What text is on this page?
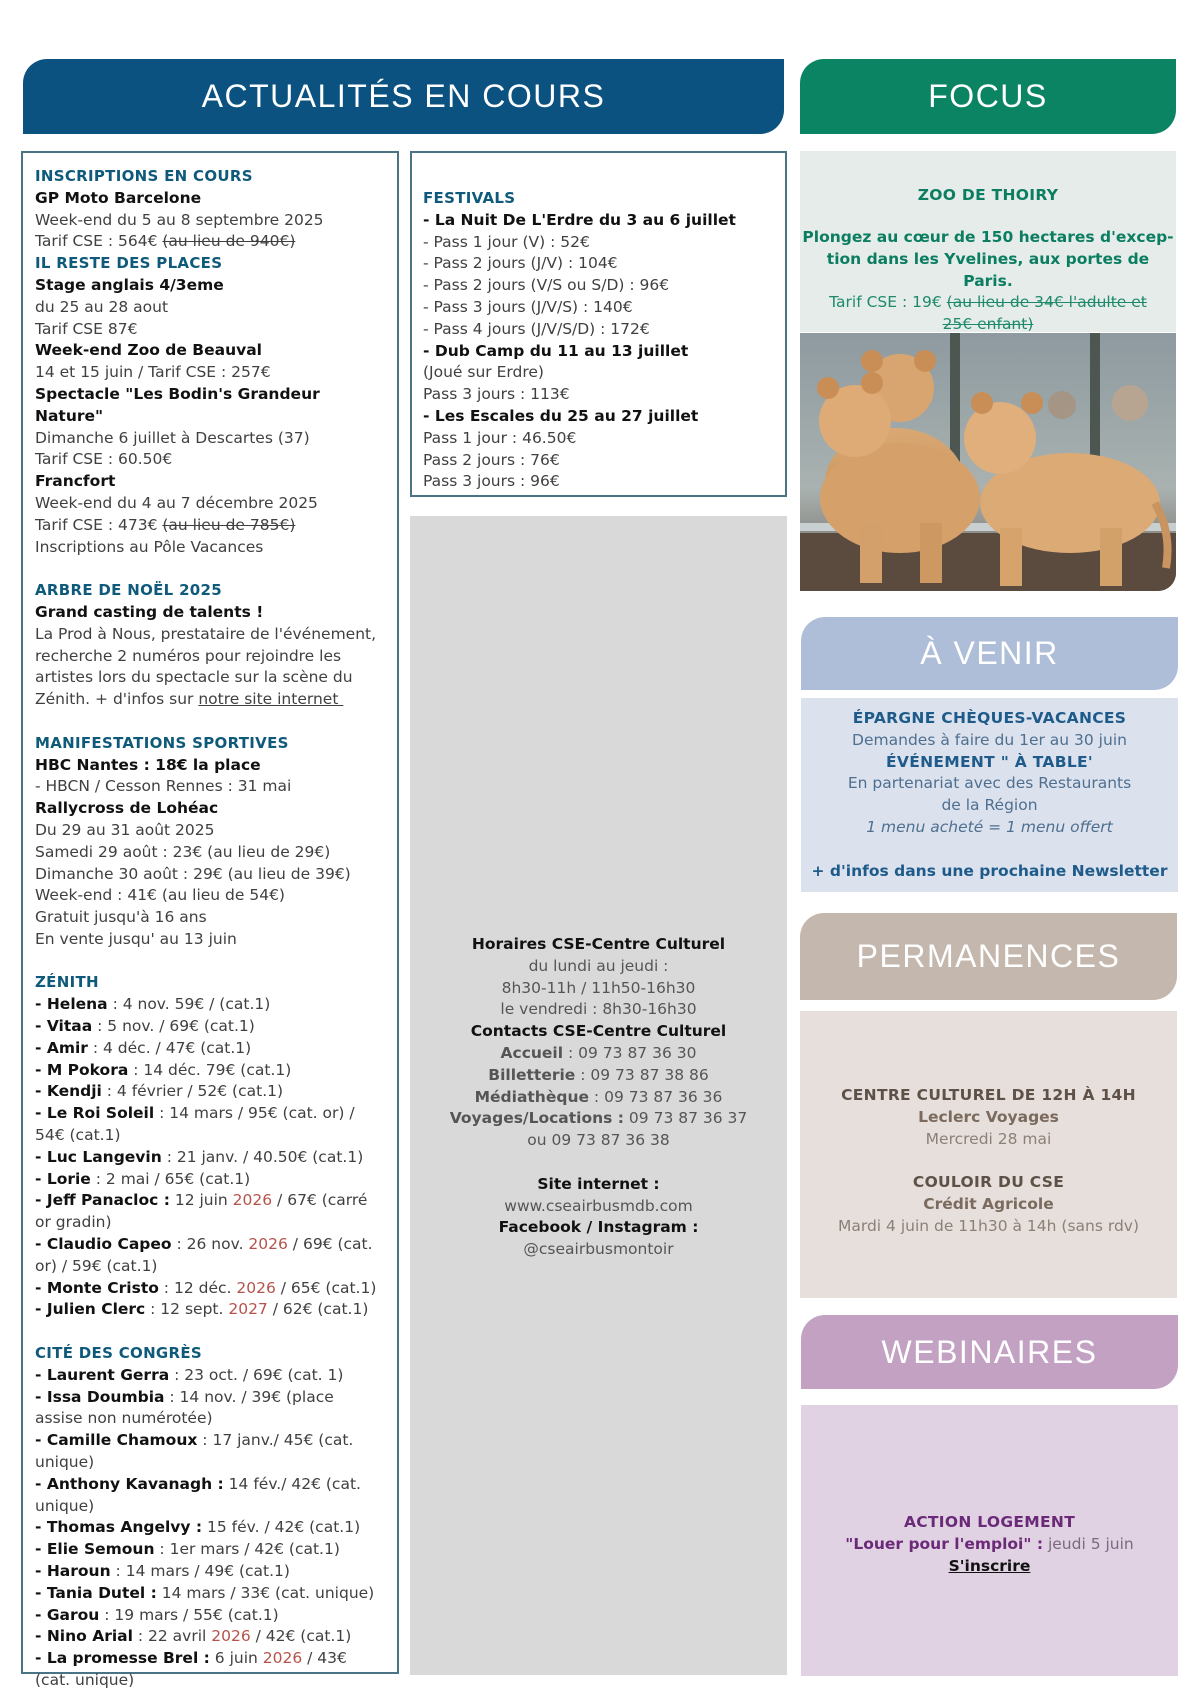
ACTUALITÉS EN COURS	FOCUS
INSCRIPTIONS EN COURS
GP Moto Barcelone
Week-end du 5 au 8 septembre 2025
Tarif CSE : 564€ (au lieu de 940€)
IL RESTE DES PLACES
Stage anglais 4/3eme
du 25 au 28 aout
Tarif CSE 87€
Week-end Zoo de Beauval
14 et 15 juin / Tarif CSE : 257€
Spectacle "Les Bodin's Grandeur Nature"
Dimanche 6 juillet à Descartes (37)
Tarif CSE : 60.50€
Francfort
Week-end du 4 au 7 décembre 2025
Tarif CSE : 473€ (au lieu de 785€)
Inscriptions au Pôle Vacances
ARBRE DE NOËL 2025
Grand casting de talents !
La Prod à Nous, prestataire de l'événement,
recherche 2 numéros pour rejoindre les
artistes lors du spectacle sur la scène du
Zénith. + d'infos sur notre site internet
MANIFESTATIONS SPORTIVES
HBC Nantes : 18€ la place
- HBCN / Cesson Rennes : 31 mai
Rallycross de Lohéac
Du 29 au 31 août 2025
Samedi 29 août : 23€ (au lieu de 29€)
Dimanche 30 août : 29€ (au lieu de 39€)
Week-end : 41€ (au lieu de 54€)
Gratuit jusqu'à 16 ans
En vente jusqu' au 13 juin
ZÉNITH
- Helena : 4 nov. 59€ / (cat.1)
- Vitaa : 5 nov. / 69€ (cat.1)
- Amir : 4 déc. / 47€ (cat.1)
- M Pokora : 14 déc. 79€ (cat.1)
- Kendji : 4 février / 52€ (cat.1)
- Le Roi Soleil : 14 mars / 95€ (cat. or) / 54€ (cat.1)
- Luc Langevin : 21 janv. / 40.50€ (cat.1)
- Lorie : 2 mai / 65€ (cat.1)
- Jeff Panacloc : 12 juin 2026 / 67€ (carré or gradin)
- Claudio Capeo : 26 nov. 2026 / 69€ (cat. or) / 59€ (cat.1)
- Monte Cristo : 12 déc. 2026 / 65€ (cat.1)
- Julien Clerc : 12 sept. 2027 / 62€ (cat.1)
CITÉ DES CONGRÈS
- Laurent Gerra : 23 oct. / 69€ (cat. 1)
- Issa Doumbia : 14 nov. / 39€ (place assise non numérotée)
- Camille Chamoux : 17 janv./ 45€ (cat. unique)
- Anthony Kavanagh : 14 fév./ 42€ (cat. unique)
- Thomas Angelvy : 15 fév. / 42€ (cat.1)
- Elie Semoun : 1er mars / 42€ (cat.1)
- Haroun : 14 mars / 49€ (cat.1)
- Tania Dutel : 14 mars / 33€ (cat. unique)
- Garou : 19 mars / 55€ (cat.1)
- Nino Arial : 22 avril 2026 / 42€ (cat.1)
- La promesse Brel : 6 juin 2026 / 43€ (cat. unique)
FESTIVALS
- La Nuit De L'Erdre du 3 au 6 juillet
- Pass 1 jour (V) : 52€
- Pass 2 jours (J/V) : 104€
- Pass 2 jours (V/S ou S/D) : 96€
- Pass 3 jours (J/V/S) : 140€
- Pass 4 jours (J/V/S/D) : 172€
- Dub Camp du 11 au 13 juillet
(Joué sur Erdre)
Pass 3 jours : 113€
- Les Escales du 25 au 27 juillet
Pass 1 jour : 46.50€
Pass 2 jours : 76€
Pass 3 jours : 96€
Horaires CSE-Centre Culturel
du lundi au jeudi :
8h30-11h / 11h50-16h30
le vendredi : 8h30-16h30
Contacts CSE-Centre Culturel
Accueil : 09 73 87 36 30
Billetterie : 09 73 87 38 86
Médiathèque : 09 73 87 36 36
Voyages/Locations : 09 73 87 36 37
ou 09 73 87 36 38
Site internet :
www.cseairbusmdb.com
Facebook / Instagram :
@cseairbusmontoir
ZOO DE THOIRY
Plongez au cœur de 150 hectares d'excep-
tion dans les Yvelines, aux portes de Paris.
Tarif CSE : 19€ (au lieu de 34€ l'adulte et
25€ enfant)
À VENIR
ÉPARGNE CHÈQUES-VACANCES
Demandes à faire du 1er au 30 juin
ÉVÉNEMENT " À TABLE'
En partenariat avec des Restaurants
de la Région
1 menu acheté = 1 menu offert
+ d'infos dans une prochaine Newsletter
PERMANENCES
CENTRE CULTUREL DE 12H À 14H
Leclerc Voyages
Mercredi 28 mai
COULOIR DU CSE
Crédit Agricole
Mardi 4 juin de 11h30 à 14h (sans rdv)
WEBINAIRES
ACTION LOGEMENT
"Louer pour l'emploi" : jeudi 5 juin
S'inscrire
